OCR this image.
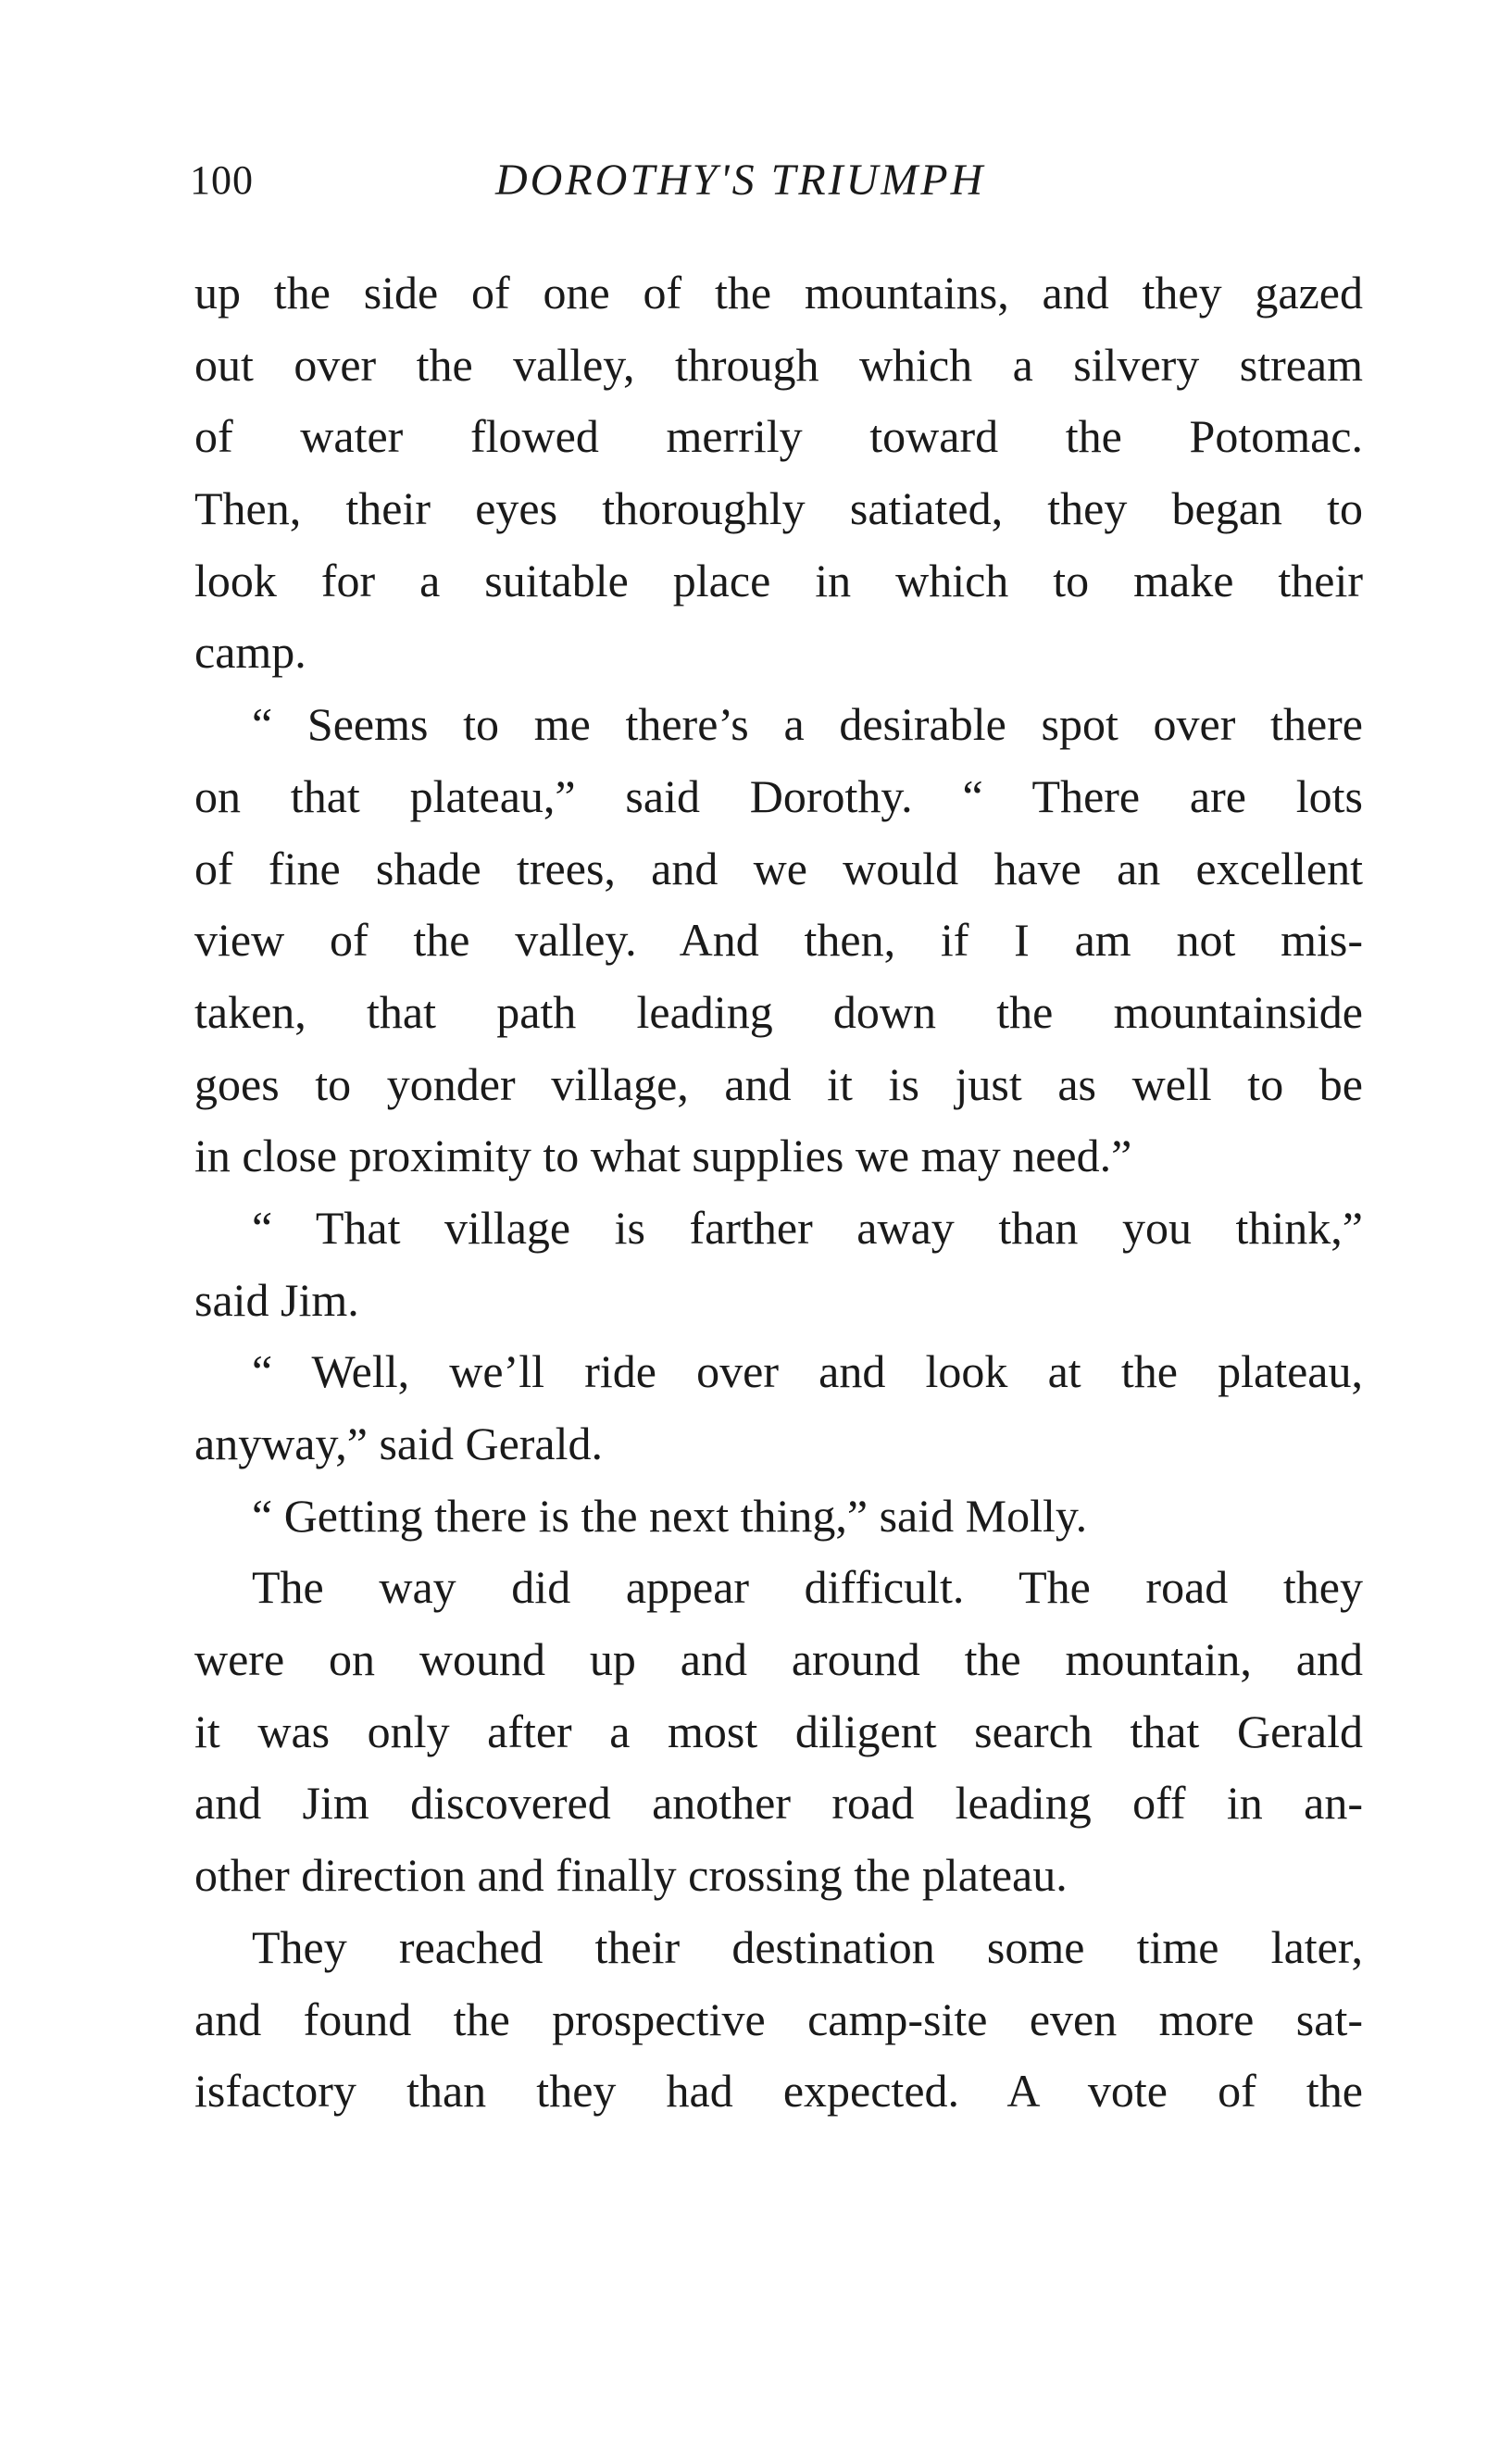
100	DOROTHY'S TRIUMPH
up the side of one of the mountains, and they gazed
out over the valley, through which a silvery stream
of water flowed merrily toward the Potomac.
Then, their eyes thoroughly satiated, they began to
look for a suitable place in which to make their
camp.
“ Seems to me there’s a desirable spot over there
on that plateau,” said Dorothy. “ There are lots
of fine shade trees, and we would have an excellent
view of the valley. And then, if I am not mis-
taken, that path leading down the mountainside
goes to yonder village, and it is just as well to be
in close proximity to what supplies we may need.”
“ That village is farther away than you think,”
said Jim.
“ Well, we’ll ride over and look at the plateau,
anyway,” said Gerald.
“ Getting there is the next thing,” said Molly.
The way did appear difficult. The road they
were on wound up and around the mountain, and
it was only after a most diligent search that Gerald
and Jim discovered another road leading off in an-
other direction and finally crossing the plateau.
They reached their destination some time later,
and found the prospective camp-site even more sat-
isfactory than they had expected. A vote of the
